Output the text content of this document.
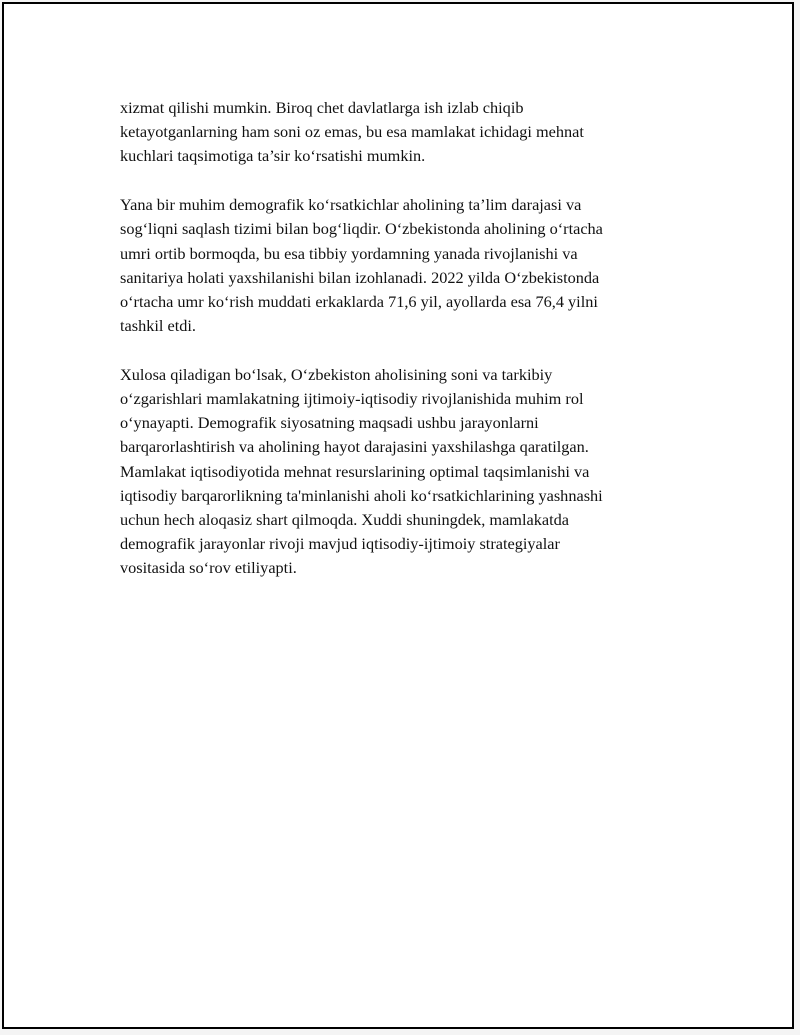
xizmat qilishi mumkin. Biroq chet davlatlarga ish izlab chiqib
ketayotganlarning ham soni oz emas, bu esa mamlakat ichidagi mehnat
kuchlari taqsimotiga ta’sir ko‘rsatishi mumkin.

Yana bir muhim demografik ko‘rsatkichlar aholining ta’lim darajasi va
sog‘liqni saqlash tizimi bilan bog‘liqdir. O‘zbekistonda aholining o‘rtacha
umri ortib bormoqda, bu esa tibbiy yordamning yanada rivojlanishi va
sanitariya holati yaxshilanishi bilan izohlanadi. 2022 yilda O‘zbekistonda
o‘rtacha umr ko‘rish muddati erkaklarda 71,6 yil, ayollarda esa 76,4 yilni
tashkil etdi.

Xulosa qiladigan bo‘lsak, O‘zbekiston aholisining soni va tarkibiy
o‘zgarishlari mamlakatning ijtimoiy-iqtisodiy rivojlanishida muhim rol
o‘ynayapti. Demografik siyosatning maqsadi ushbu jarayonlarni
barqarorlashtirish va aholining hayot darajasini yaxshilashga qaratilgan.
Mamlakat iqtisodiyotida mehnat resurslarining optimal taqsimlanishi va
iqtisodiy barqarorlikning ta'minlanishi aholi ko‘rsatkichlarining yashnashi
uchun hech aloqasiz shart qilmoqda. Xuddi shuningdek, mamlakatda
demografik jarayonlar rivoji mavjud iqtisodiy-ijtimoiy strategiyalar
vositasida so‘rov etiliyapti.
